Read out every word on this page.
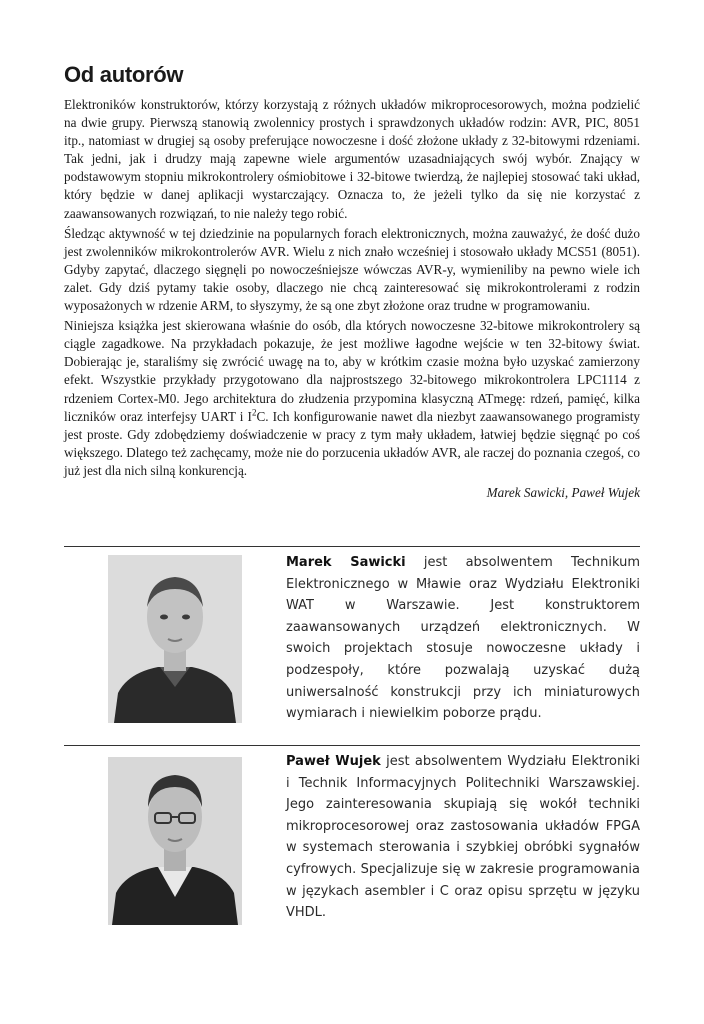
Od autorów

Elektroników konstruktorów, którzy korzystają z różnych układów mikroprocesorowych, można podzielić na dwie grupy. Pierwszą stanowią zwolennicy prostych i sprawdzonych układów rodzin: AVR, PIC, 8051 itp., natomiast w drugiej są osoby preferujące nowoczesne i dość złożone układy z 32-bitowymi rdzeniami. Tak jedni, jak i drudzy mają zapewne wiele argumentów uzasadniających swój wybór. Znający w podstawowym stopniu mikrokontrolery ośmiobitowe i 32-bitowe twierdzą, że najlepiej stosować taki układ, który będzie w danej aplikacji wystarczający. Oznacza to, że jeżeli tylko da się nie korzystać z zaawansowanych rozwiązań, to nie należy tego robić.

Śledząc aktywność w tej dziedzinie na popularnych forach elektronicznych, można zauważyć, że dość dużo jest zwolenników mikrokontrolerów AVR. Wielu z nich znało wcześniej i stosowało układy MCS51 (8051). Gdyby zapytać, dlaczego sięgnęli po nowocześniejsze wówczas AVR-y, wymieniliby na pewno wiele ich zalet. Gdy dziś pytamy takie osoby, dlaczego nie chcą zainteresować się mikrokontrolerami z rodzin wyposażonych w rdzenie ARM, to słyszymy, że są one zbyt złożone oraz trudne w programowaniu.

Niniejsza książka jest skierowana właśnie do osób, dla których nowoczesne 32-bitowe mikrokontrolery są ciągle zagadkowe. Na przykładach pokazuje, że jest możliwe łagodne wejście w ten 32-bitowy świat. Dobierając je, staraliśmy się zwrócić uwagę na to, aby w krótkim czasie można było uzyskać zamierzony efekt. Wszystkie przykłady przygotowano dla najprostszego 32-bitowego mikrokontrolera LPC1114 z rdzeniem Cortex-M0. Jego architektura do złudzenia przypomina klasyczną ATmegę: rdzeń, pamięć, kilka liczników oraz interfejsy UART i $I^2C$. Ich konfigurowanie nawet dla niezbyt zaawansowanego programisty jest proste. Gdy zdobędziemy doświadczenie w pracy z tym mały układem, łatwiej będzie sięgnąć po coś większego. Dlatego też zachęcamy, może nie do porzucenia układów AVR, ale raczej do poznania czegoś, co już jest dla nich silną konkurencją.

Marek Sawicki, Paweł Wujek
Marek Sawicki jest absolwentem Technikum Elektronicznego w Mławie oraz Wydziału Elektroniki WAT w Warszawie. Jest konstruktorem zaawansowanych urządzeń elektronicznych. W swoich projektach stosuje nowoczesne układy i podzespoły, które pozwalają uzyskać dużą uniwersalność konstrukcji przy ich miniaturowych wymiarach i niewielkim poborze prądu.
Paweł Wujek jest absolwentem Wydziału Elektroniki i Technik Informacyjnych Politechniki Warszawskiej. Jego zainteresowania skupiają się wokół techniki mikroprocesorowej oraz zastosowania układów FPGA w systemach sterowania i szybkiej obróbki sygnałów cyfrowych. Specjalizuje się w zakresie programowania w językach asembler i C oraz opisu sprzętu w języku VHDL.
